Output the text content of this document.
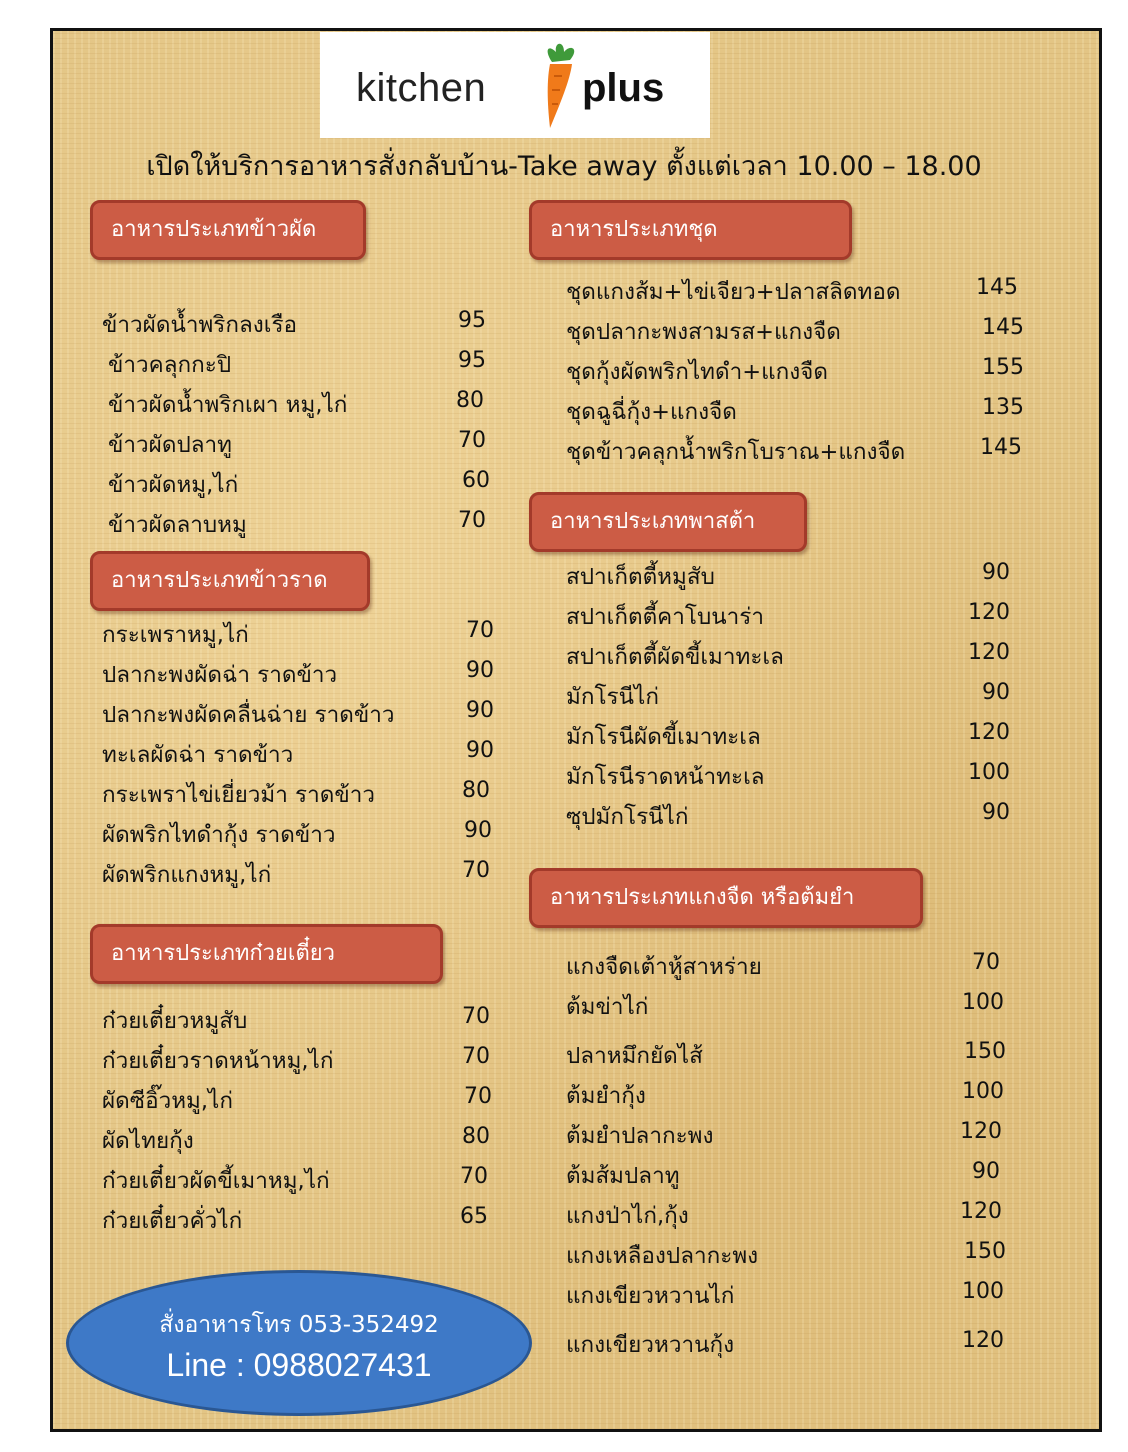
kitchen plus
เปิดให้บริการอาหารสั่งกลับบ้าน-Take away ตั้งแต่เวลา 10.00 – 18.00
อาหารประเภทข้าวผัด
อาหารประเภทข้าวราด
อาหารประเภทก๋วยเตี๋ยว
อาหารประเภทชุด
อาหารประเภทพาสต้า
อาหารประเภทแกงจืด หรือต้มยำ
ข้าวผัดน้ำพริกลงเรือ	95
ข้าวคลุกกะปิ	95
ข้าวผัดน้ำพริกเผา หมู,ไก่	80
ข้าวผัดปลาทู	70
ข้าวผัดหมู,ไก่	60
ข้าวผัดลาบหมู	70
กระเพราหมู,ไก่	70
ปลากะพงผัดฉ่า ราดข้าว	90
ปลากะพงผัดคลื่นฉ่าย ราดข้าว	90
ทะเลผัดฉ่า ราดข้าว	90
กระเพราไข่เยี่ยวม้า ราดข้าว	80
ผัดพริกไทดำกุ้ง ราดข้าว	90
ผัดพริกแกงหมู,ไก่	70
ก๋วยเตี๋ยวหมูสับ	70
ก๋วยเตี๋ยวราดหน้าหมู,ไก่	70
ผัดซีอิ๊วหมู,ไก่	70
ผัดไทยกุ้ง	80
ก๋วยเตี๋ยวผัดขี้เมาหมู,ไก่	70
ก๋วยเตี๋ยวคั่วไก่	65
ชุดแกงส้ม+ไข่เจียว+ปลาสลิดทอด	145
ชุดปลากะพงสามรส+แกงจืด	145
ชุดกุ้งผัดพริกไทดำ+แกงจืด	155
ชุดฉูฉี่กุ้ง+แกงจืด	135
ชุดข้าวคลุกน้ำพริกโบราณ+แกงจืด	145
สปาเก็ตตี้หมูสับ	90
สปาเก็ตตี้คาโบนาร่า	120
สปาเก็ตตี้ผัดขี้เมาทะเล	120
มักโรนีไก่	90
มักโรนีผัดขี้เมาทะเล	120
มักโรนีราดหน้าทะเล	100
ซุปมักโรนีไก่	90
แกงจืดเต้าหู้สาหร่าย	70
ต้มข่าไก่	100
ปลาหมึกยัดไส้	150
ต้มยำกุ้ง	100
ต้มยำปลากะพง	120
ต้มส้มปลาทู	90
แกงป่าไก่,กุ้ง	120
แกงเหลืองปลากะพง	150
แกงเขียวหวานไก่	100
แกงเขียวหวานกุ้ง	120
สั่งอาหารโทร 053-352492
Line : 0988027431
